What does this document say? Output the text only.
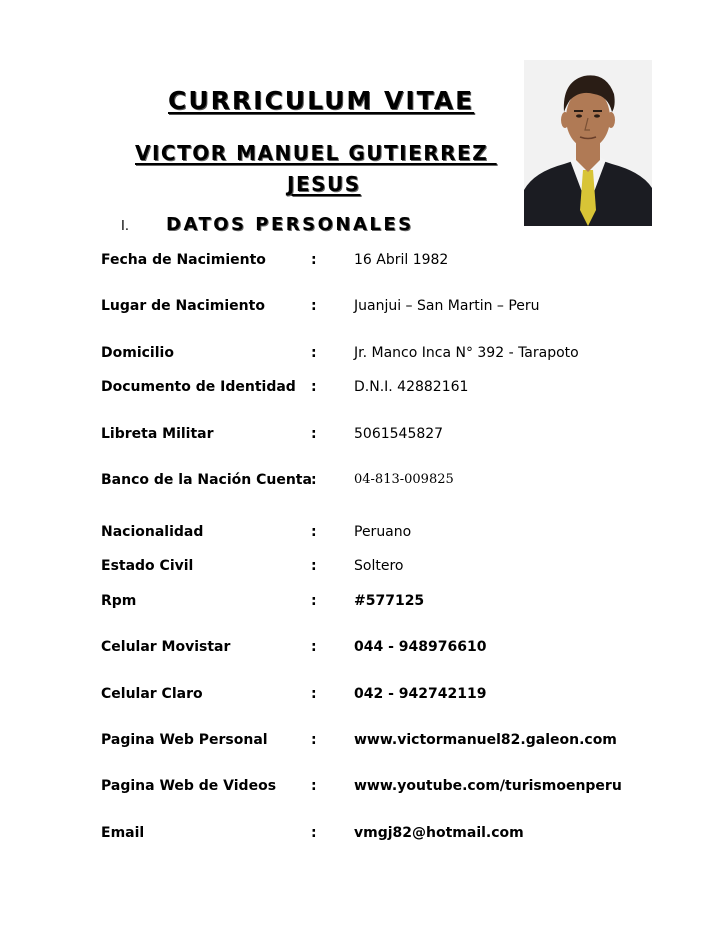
CURRICULUM VITAE
VICTOR MANUEL GUTIERREZ
JESUS
I. DATOS PERSONALES
Fecha de Nacimiento	:	16 Abril 1982
Lugar de Nacimiento	:	Juanjui – San Martin – Peru
Domicilio	:	Jr. Manco Inca N° 392 - Tarapoto
Documento de Identidad :	D.N.I. 42882161
Libreta Militar	:	5061545827
Banco de la Nación Cuenta :	04-813-009825
Nacionalidad	:	Peruano
Estado Civil	:	Soltero
Rpm	:	#577125
Celular Movistar	:	044 - 948976610
Celular Claro	:	042 - 942742119
Pagina Web Personal	:	www.victormanuel82.galeon.com
Pagina Web de Videos :	www.youtube.com/turismoenperu
Email	:	vmgj82@hotmail.com
